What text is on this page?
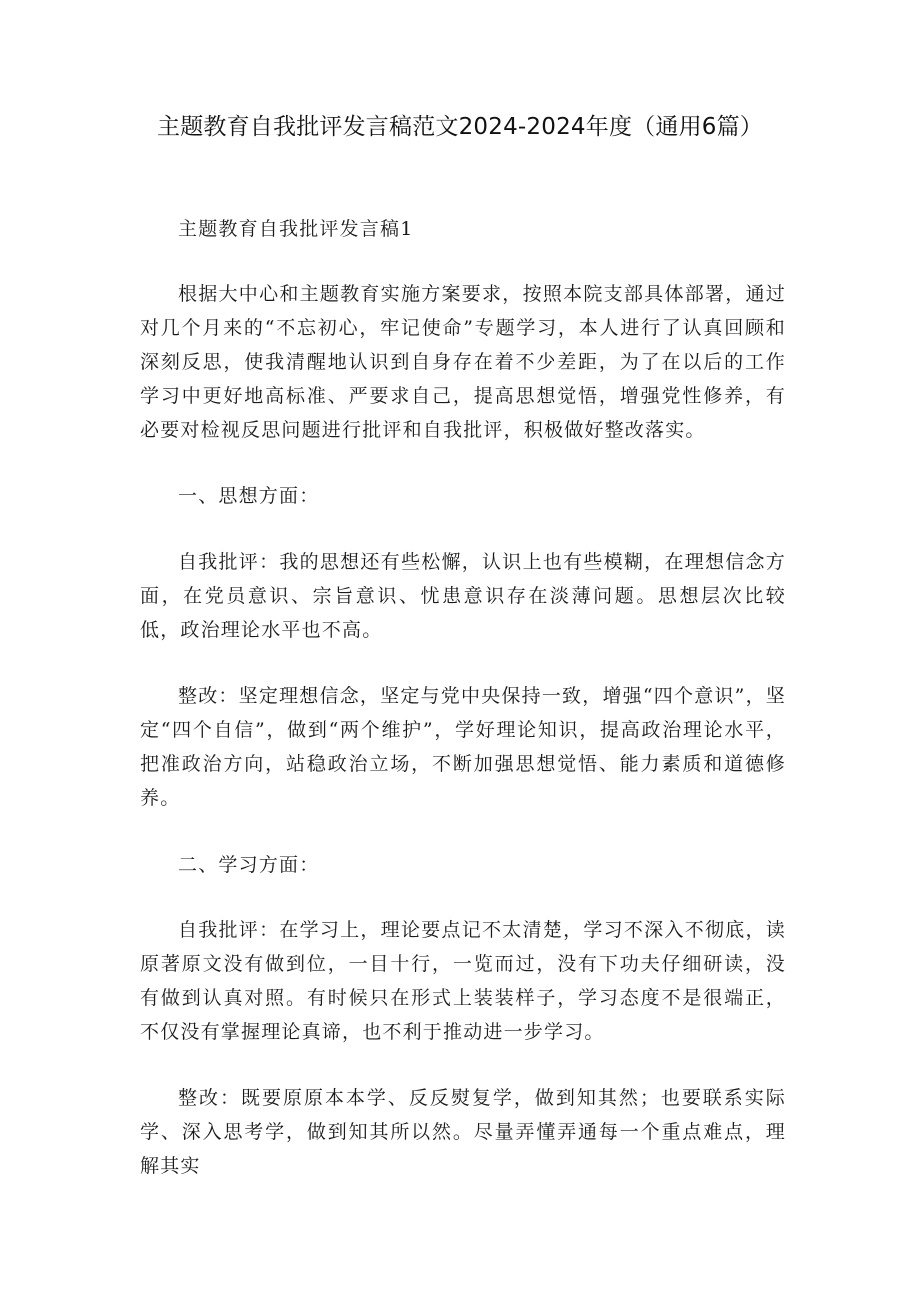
主题教育自我批评发言稿范文2024-2024年度（通用6篇）

主题教育自我批评发言稿1

根据大中心和主题教育实施方案要求，按照本院支部具体部署，通过对几个月来的“不忘初心，牢记使命”专题学习，本人进行了认真回顾和深刻反思，使我清醒地认识到自身存在着不少差距，为了在以后的工作学习中更好地高标准、严要求自己，提高思想觉悟，增强党性修养，有必要对检视反思问题进行批评和自我批评，积极做好整改落实。

一、思想方面：

自我批评：我的思想还有些松懈，认识上也有些模糊，在理想信念方面，在党员意识、宗旨意识、忧患意识存在淡薄问题。思想层次比较低，政治理论水平也不高。

整改：坚定理想信念，坚定与党中央保持一致，增强“四个意识”，坚定“四个自信”，做到“两个维护”，学好理论知识，提高政治理论水平，把准政治方向，站稳政治立场，不断加强思想觉悟、能力素质和道德修养。

二、学习方面：

自我批评：在学习上，理论要点记不太清楚，学习不深入不彻底，读原著原文没有做到位，一目十行，一览而过，没有下功夫仔细研读，没有做到认真对照。有时候只在形式上装装样子，学习态度不是很端正，不仅没有掌握理论真谛，也不利于推动进一步学习。

整改：既要原原本本学、反反熨复学，做到知其然；也要联系实际学、深入思考学，做到知其所以然。尽量弄懂弄通每一个重点难点，理解其实
